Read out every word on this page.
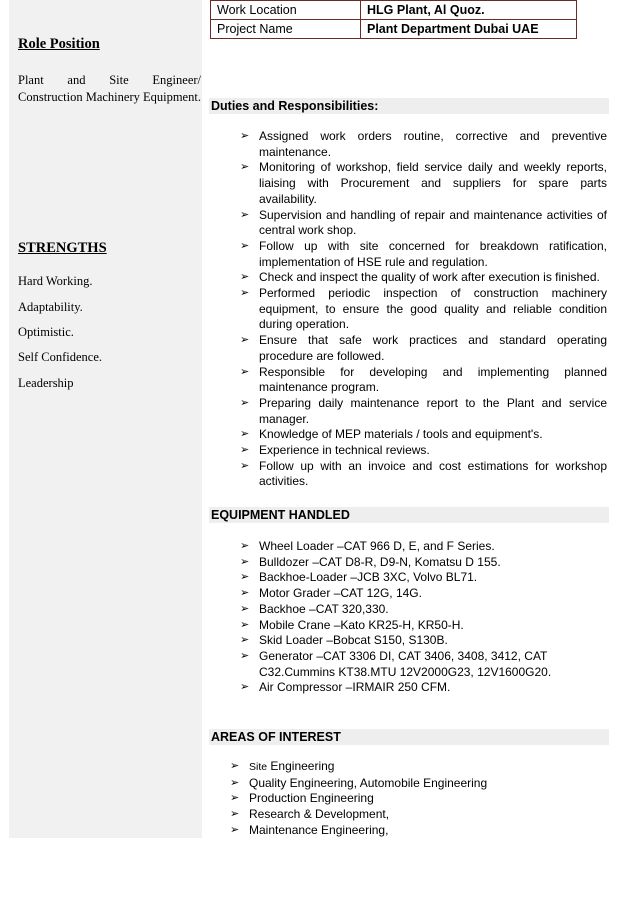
Role Position
Plant and Site Engineer/ Construction Machinery Equipment.
STRENGTHS
Hard Working.
Adaptability.
Optimistic.
Self Confidence.
Leadership
Work Location	HLG Plant, Al Quoz.
Project Name	Plant Department Dubai UAE
Duties and Responsibilities:
➢ Assigned work orders routine, corrective and preventive maintenance.
➢ Monitoring of workshop, field service daily and weekly reports, liaising with Procurement and suppliers for spare parts availability.
➢ Supervision and handling of repair and maintenance activities of central work shop.
➢ Follow up with site concerned for breakdown ratification, implementation of HSE rule and regulation.
➢ Check and inspect the quality of work after execution is finished.
➢ Performed periodic inspection of construction machinery equipment, to ensure the good quality and reliable condition during operation.
➢ Ensure that safe work practices and standard operating procedure are followed.
➢ Responsible for developing and implementing planned maintenance program.
➢ Preparing daily maintenance report to the Plant and service manager.
➢ Knowledge of MEP materials / tools and equipment's.
➢ Experience in technical reviews.
➢ Follow up with an invoice and cost estimations for workshop activities.
EQUIPMENT HANDLED
➢ Wheel Loader –CAT 966 D, E, and F Series.
➢ Bulldozer –CAT D8-R, D9-N, Komatsu D 155.
➢ Backhoe-Loader –JCB 3XC, Volvo BL71.
➢ Motor Grader –CAT 12G, 14G.
➢ Backhoe –CAT 320,330.
➢ Mobile Crane –Kato KR25-H, KR50-H.
➢ Skid Loader –Bobcat S150, S130B.
➢ Generator –CAT 3306 DI, CAT 3406, 3408, 3412, CAT C32.Cummins KT38.MTU 12V2000G23, 12V1600G20.
➢ Air Compressor –IRMAIR 250 CFM.
AREAS OF INTEREST
➢ Site Engineering
➢ Quality Engineering, Automobile Engineering
➢ Production Engineering
➢ Research & Development,
➢ Maintenance Engineering,
